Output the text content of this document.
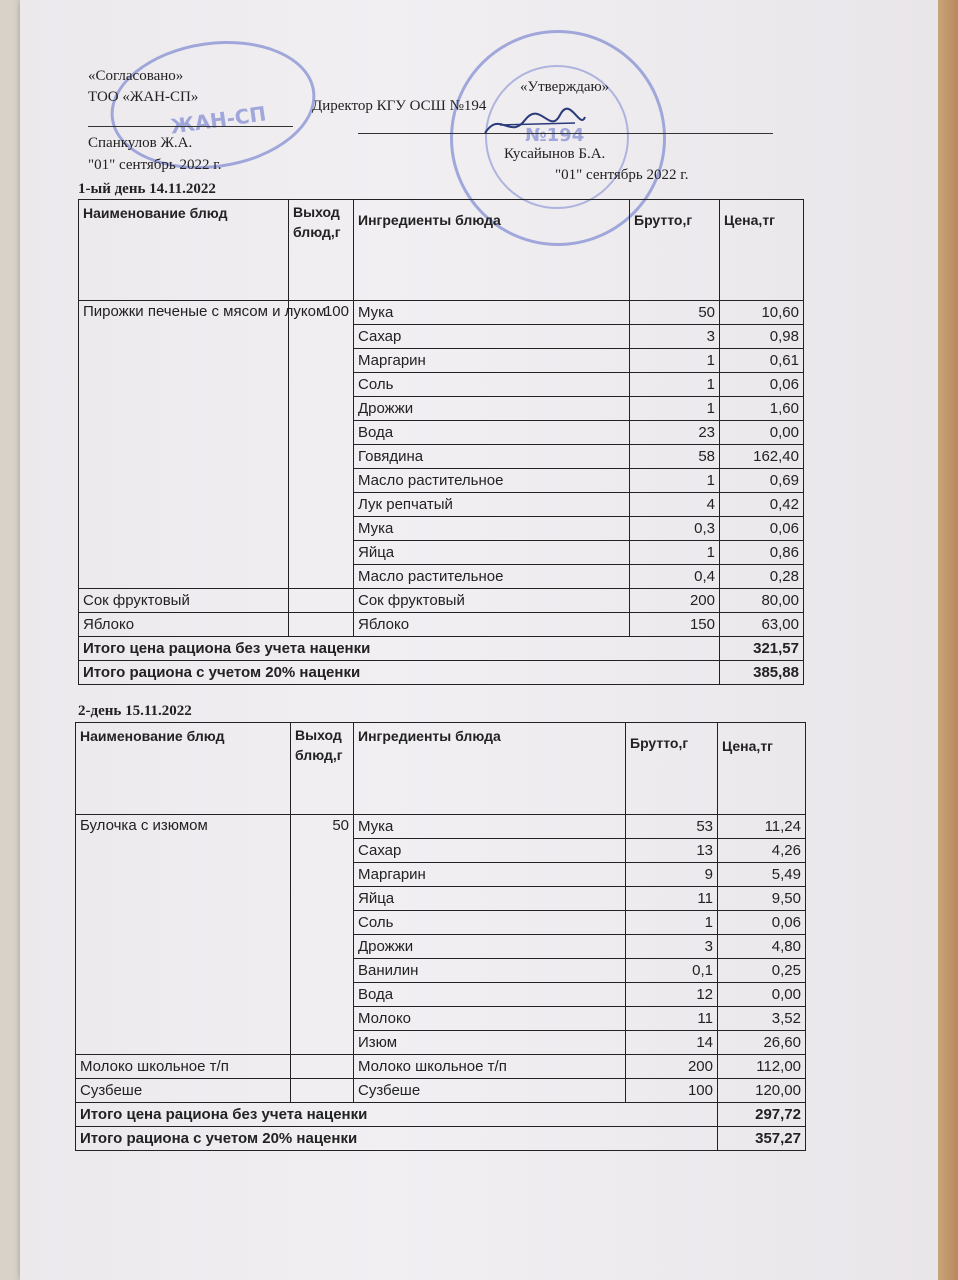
ЖАН-СП	№194
«Согласовано»
ТОО «ЖАН-СП»
Спанкулов Ж.А.
"01" сентябрь 2022 г.
«Утверждаю»
Директор КГУ ОСШ №194
Кусайынов Б.А.
"01" сентябрь 2022 г.
1-ый день 14.11.2022
Наименование блюд	Выход блюд,г	Ингредиенты блюда	Брутто,г	Цена,тг
Пирожки печеные с мясом и луком	100	Мука	50	10,60
		Сахар	3	0,98
		Маргарин	1	0,61
		Соль	1	0,06
		Дрожжи	1	1,60
		Вода	23	0,00
		Говядина	58	162,40
		Масло растительное	1	0,69
		Лук репчатый	4	0,42
		Мука	0,3	0,06
		Яйца	1	0,86
		Масло растительное	0,4	0,28
Сок фруктовый		Сок фруктовый	200	80,00
Яблоко		Яблоко	150	63,00
Итого цена рациона без учета наценки				321,57
Итого рациона с учетом 20% наценки				385,88
2-день 15.11.2022
Наименование блюд	Выход блюд,г	Ингредиенты блюда	Брутто,г	Цена,тг
Булочка с изюмом	50	Мука	53	11,24
		Сахар	13	4,26
		Маргарин	9	5,49
		Яйца	11	9,50
		Соль	1	0,06
		Дрожжи	3	4,80
		Ванилин	0,1	0,25
		Вода	12	0,00
		Молоко	11	3,52
		Изюм	14	26,60
Молоко школьное т/п		Молоко школьное т/п	200	112,00
Сузбеше		Сузбеше	100	120,00
Итого цена рациона без учета наценки				297,72
Итого рациона с учетом 20% наценки				357,27
